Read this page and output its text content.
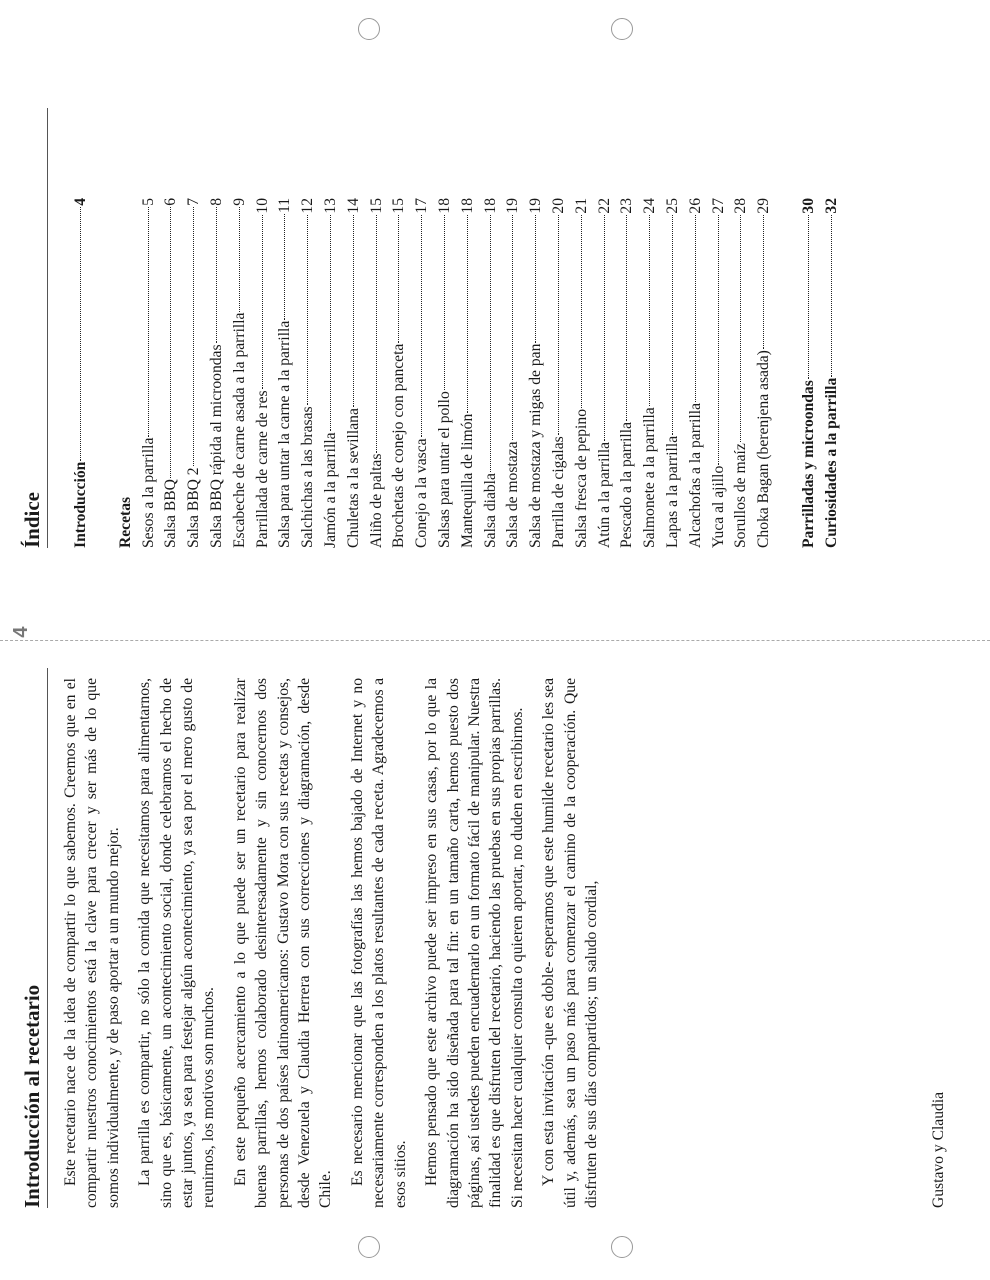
Introducción al recetario Este recetario nace de la idea de compartir lo que sabemos. Creemos que en el compartir nuestros conocimientos está la clave para crecer y ser más de lo que somos individualmente, y de paso aportar a un mundo mejor. La parrilla es compartir, no sólo la comida que necesitamos para alimentarnos, sino que es, básicamente, un acontecimiento social, donde celebramos el hecho de estar juntos, ya sea para festejar algún acontecimiento, ya sea por el mero gusto de reunirnos, los motivos son muchos. En este pequeño acercamiento a lo que puede ser un recetario para realizar buenas parrillas, hemos colaborado desinteresadamente y sin conocernos dos personas de dos países latinoamericanos: Gustavo Mora con sus recetas y consejos, desde Venezuela y Claudia Herrera con sus correcciones y diagramación, desde Chile.

Es necesario mencionar que las fotografías las hemos bajado de Internet y no necesariamente corresponden a los platos resultantes de cada receta. Agradecemos a esos sitios. Hemos pensado que este archivo puede ser impreso en sus casas, por lo que la diagramación ha sido diseñada para tal fin: en un tamaño carta, hemos puesto dos páginas, así ustedes pueden encuadernarlo en un formato fácil de manipular. Nuestra finalidad es que disfruten del recetario, haciendo las pruebas en sus propias parrillas. Si necesitan hacer cualquier consulta o quieren aportar, no duden en escribirnos. Y con esta invitación -que es doble- esperamos que este humilde recetario les sea útil y, además, sea un paso más para comenzar el camino de la cooperación. Que disfruten de sus días compartidos; un saludo cordial,	Gustavo y Claudia
4
Índice Introducción
4
Recetas Sesos a la parrilla
5
Salsa BBQ
6
Salsa BBQ 2
7
Salsa BBQ rápida al microondas
8
Escabeche de carne asada a la parrilla
9
Parrillada de carne de res
10
Salsa para untar la carne a la parrilla
11
Salchichas a las brasas
12
Jamón a la parrilla
13
Chuletas a la sevillana
14
Aliño de paltas
15
Brochetas de conejo con panceta
15
Conejo a la vasca
17
Salsas para untar el pollo
18
Mantequilla de limón
18
Salsa diabla
18
Salsa de mostaza
19
Salsa de mostaza y migas de pan
19
Parrilla de cigalas
20
Salsa fresca de pepino
21
Atún a la parrilla
22
Pescado a la parrilla
23
Salmonete a la parrilla
24
Lapas a la parrilla
25
Alcachofas a la parrilla
26
Yuca al ajillo
27
Sorullos de maíz
28
Choka Bagan (berenjena asada)
29
Parrilladas y microondas
30
Curiosidades a la parrilla
32
